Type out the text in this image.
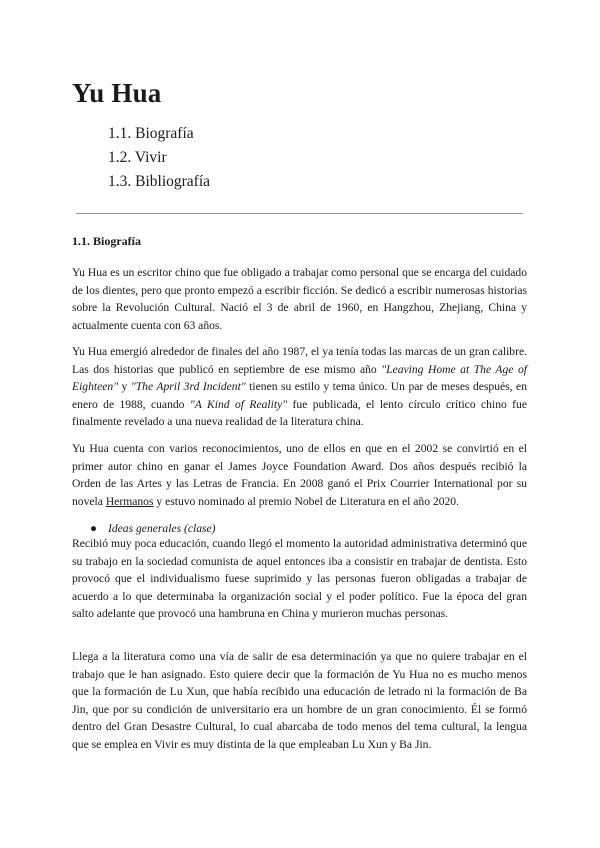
Yu Hua
1.1. Biografía
1.2. Vivir
1.3. Bibliografía
1.1. Biografía

Yu Hua es un escritor chino que fue obligado a trabajar como personal que se encarga del cuidado de los dientes, pero que pronto empezó a escribir ficción. Se dedicó a escribir numerosas historias sobre la Revolución Cultural. Nació el 3 de abril de 1960, en Hangzhou, Zhejiang, China y actualmente cuenta con 63 años.

Yu Hua emergió alrededor de finales del año 1987, el ya tenía todas las marcas de un gran calibre. Las dos historias que publicó en septiembre de ese mismo año "Leaving Home at The Age of Eighteen" y "The April 3rd Incident" tienen su estilo y tema único. Un par de meses después, en enero de 1988, cuando "A Kind of Reality" fue publicada, el lento círculo crítico chino fue finalmente revelado a una nueva realidad de la literatura china.

Yu Hua cuenta con varios reconocimientos, uno de ellos en que en el 2002 se convirtió en el primer autor chino en ganar el James Joyce Foundation Award. Dos años después recibió la Orden de las Artes y las Letras de Francia. En 2008 ganó el Prix Courrier International por su novela Hermanos y estuvo nominado al premio Nobel de Literatura en el año 2020.

● Ideas generales (clase)

Recibió muy poca educación, cuando llegó el momento la autoridad administrativa determinó que su trabajo en la sociedad comunista de aquel entonces iba a consistir en trabajar de dentista. Esto provocó que el individualismo fuese suprimido y las personas fueron obligadas a trabajar de acuerdo a lo que determinaba la organización social y el poder político. Fue la época del gran salto adelante que provocó una hambruna en China y murieron muchas personas.

Llega a la literatura como una vía de salir de esa determinación ya que no quiere trabajar en el trabajo que le han asignado. Esto quiere decir que la formación de Yu Hua no es mucho menos que la formación de Lu Xun, que había recibido una educación de letrado ni la formación de Ba Jin, que por su condición de universitario era un hombre de un gran conocimiento. Él se formó dentro del Gran Desastre Cultural, lo cual abarcaba de todo menos del tema cultural, la lengua que se emplea en Vivir es muy distinta de la que empleaban Lu Xun y Ba Jin.
